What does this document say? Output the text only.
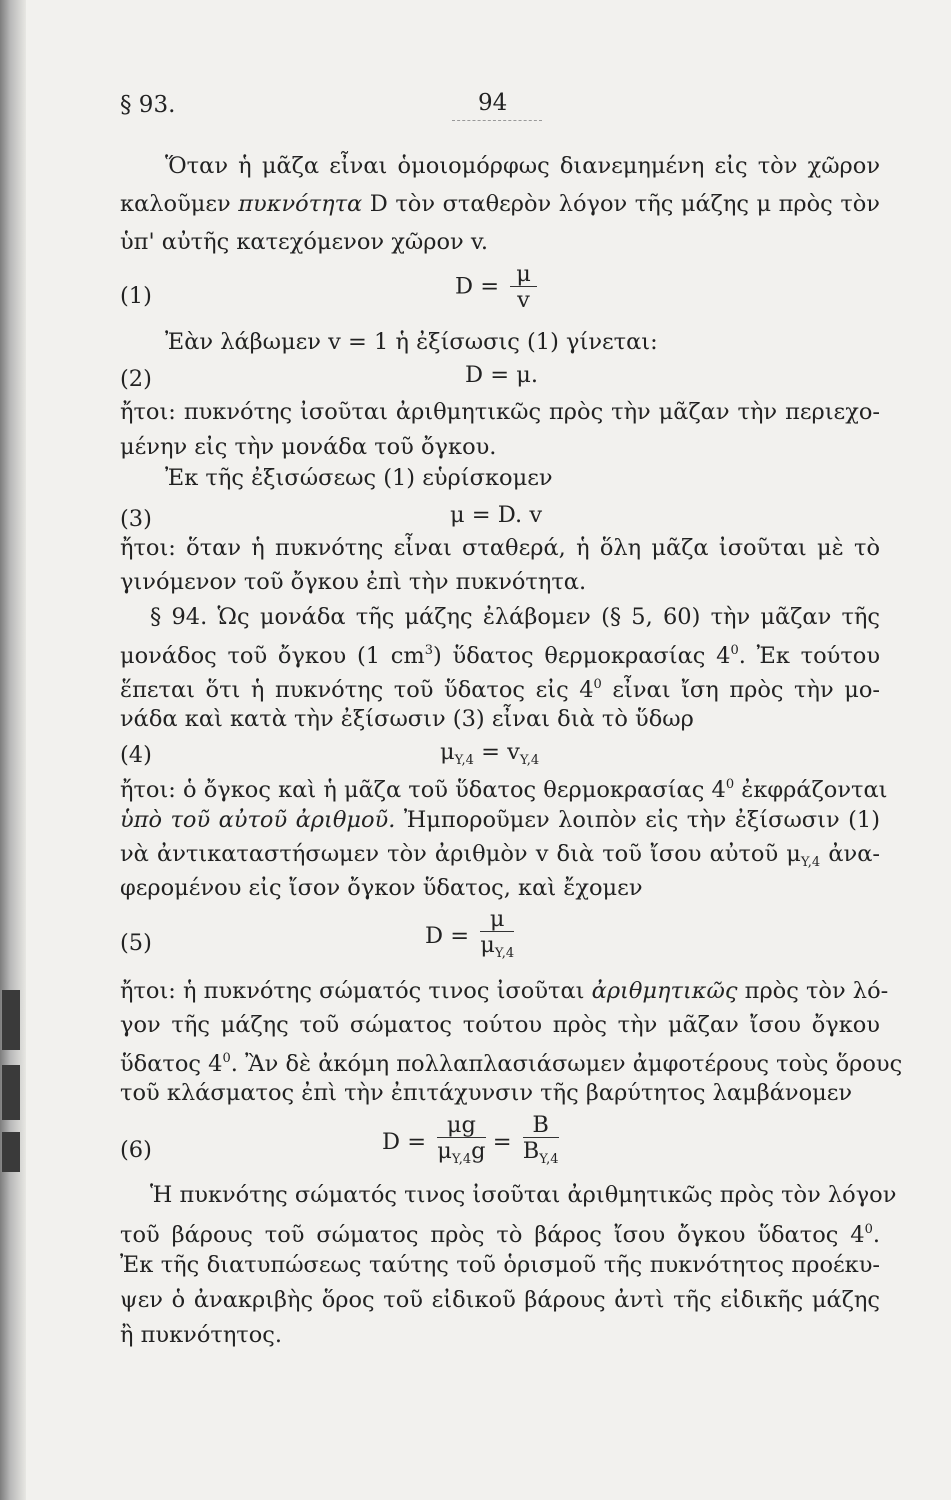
§ 93.	94
Ὅταν ἡ μᾶζα εἶναι ὁμοιομόρφως διανεμημένη εἰς τὸν χῶρον
καλοῦμεν πυκνότητα D τὸν σταθερὸν λόγον τῆς μάζης μ πρὸς τὸν
ὑπ' αὐτῆς κατεχόμενον χῶρον v.
(1)	$D = \frac{\mu}{v}$
Ἐὰν λάβωμεν v = 1 ἡ ἐξίσωσις (1) γίνεται:
(2)	D = μ.
ἤτοι: πυκνότης ἰσοῦται ἀριθμητικῶς πρὸς τὴν μᾶζαν τὴν περιεχο-
μένην εἰς τὴν μονάδα τοῦ ὄγκου.
Ἐκ τῆς ἐξισώσεως (1) εὑρίσκομεν
(3)	μ = D. v
ἤτοι: ὅταν ἡ πυκνότης εἶναι σταθερά, ἡ ὅλη μᾶζα ἰσοῦται μὲ τὸ
γινόμενον τοῦ ὄγκου ἐπὶ τὴν πυκνότητα.
§ 94. Ὡς μονάδα τῆς μάζης ἐλάβομεν (§ 5, 60) τὴν μᾶζαν τῆς
μονάδος τοῦ ὄγκου (1 $cm^3$) ὕδατος θερμοκρασίας $4^0$. Ἐκ τούτου
ἕπεται ὅτι ἡ πυκνότης τοῦ ὕδατος εἰς $4^0$ εἶναι ἴση πρὸς τὴν μο-
νάδα καὶ κατὰ τὴν ἐξίσωσιν (3) εἶναι διὰ τὸ ὕδωρ
(4)	$\mu_{Y,4} = v_{Y,4}$
ἤτοι: ὁ ὄγκος καὶ ἡ μᾶζα τοῦ ὕδατος θερμοκρασίας $4^0$ ἐκφράζονται
ὑπὸ τοῦ αὐτοῦ ἀριθμοῦ. Ἠμποροῦμεν λοιπὸν εἰς τὴν ἐξίσωσιν (1)
νὰ ἀντικαταστήσωμεν τὸν ἀριθμὸν v διὰ τοῦ ἴσου αὐτοῦ $\mu_{Y,4}$ ἀνα-
φερομένου εἰς ἴσον ὄγκον ὕδατος, καὶ ἔχομεν
(5)	$D = \frac{\mu}{\mu_{Y,4}}$
ἤτοι: ἡ πυκνότης σώματός τινος ἰσοῦται ἀριθμητικῶς πρὸς τὸν λό-
γον τῆς μάζης τοῦ σώματος τούτου πρὸς τὴν μᾶζαν ἴσου ὄγκου
ὕδατος $4^0$. Ἂν δὲ ἀκόμη πολλαπλασιάσωμεν ἀμφοτέρους τοὺς ὅρους
τοῦ κλάσματος ἐπὶ τὴν ἐπιτάχυνσιν τῆς βαρύτητος λαμβάνομεν
(6)	$D = \frac{\mu g}{\mu_{Y,4}g} = \frac{B}{B_{Y,4}}$
Ἡ πυκνότης σώματός τινος ἰσοῦται ἀριθμητικῶς πρὸς τὸν λόγον
τοῦ βάρους τοῦ σώματος πρὸς τὸ βάρος ἴσου ὄγκου ὕδατος $4^0$.
Ἐκ τῆς διατυπώσεως ταύτης τοῦ ὁρισμοῦ τῆς πυκνότητος προέκυ-
ψεν ὁ ἀνακριβὴς ὅρος τοῦ εἰδικοῦ βάρους ἀντὶ τῆς εἰδικῆς μάζης
ἢ πυκνότητος.
